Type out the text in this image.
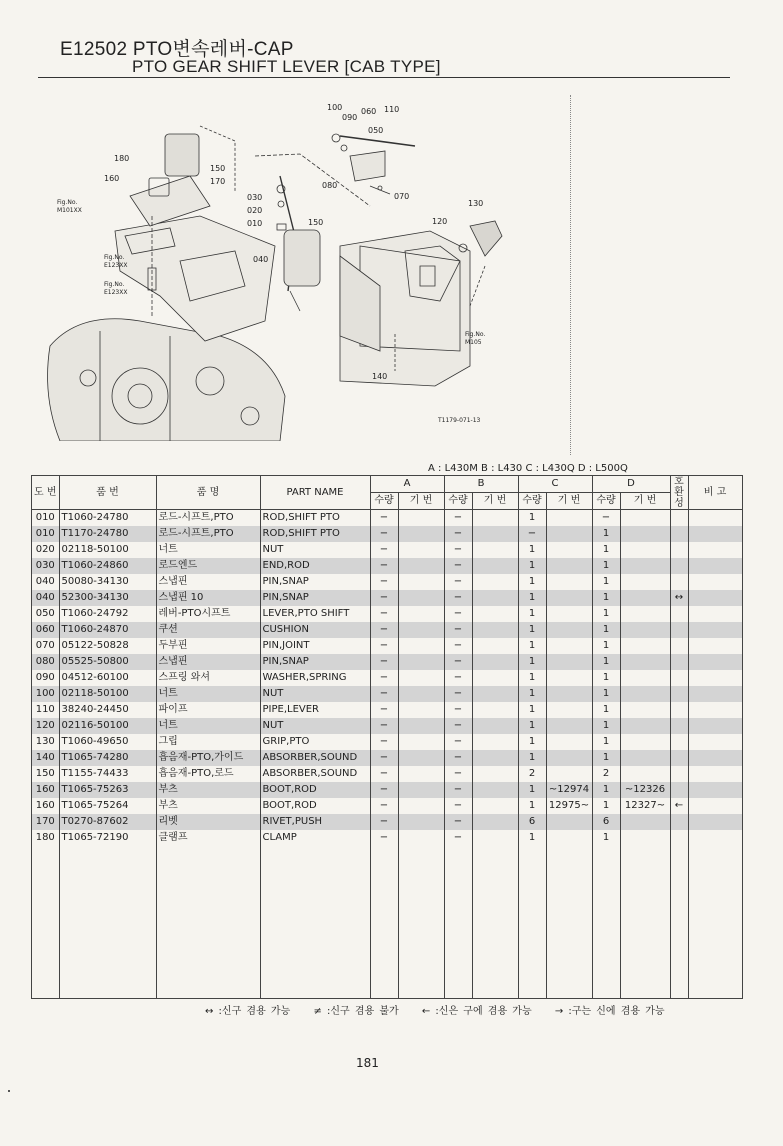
E12502 PTO변속레버-CAP
PTO GEAR SHIFT LEVER [CAB TYPE]
100
090
060 110
050
180
150
170
160
080
070
030
020
010	150
130
120
040
140
Fig.No.
M101XX
Fig.No.
E123XX
Fig.No.
E123XX
Fig.No.
M105
T1179-071-13
A : L430M B : L430 C : L430Q D : L500Q
도 번	품 번	품 명	PART NAME	A		B		C		D		호 환 성	비 고
				수량	기 번	수량	기 번	수량	기 번	수량	기 번		
010	T1060-24780	로드-시프트,PTO	ROD,SHIFT PTO	−		−		1		−			
010	T1170-24780	로드-시프트,PTO	ROD,SHIFT PTO	−		−		−		1			
020	02118-50100	너트	NUT	−		−		1		1			
030	T1060-24860	로드엔드	END,ROD	−		−		1		1			
040	50080-34130	스냅핀	PIN,SNAP	−		−		1		1			
040	52300-34130	스냅핀 10	PIN,SNAP	−		−		1		1		↔	
050	T1060-24792	레버-PTO시프트	LEVER,PTO SHIFT	−		−		1		1			
060	T1060-24870	쿠션	CUSHION	−		−		1		1			
070	05122-50828	두부핀	PIN,JOINT	−		−		1		1			
080	05525-50800	스냅핀	PIN,SNAP	−		−		1		1			
090	04512-60100	스프링 와셔	WASHER,SPRING	−		−		1		1			
100	02118-50100	너트	NUT	−		−		1		1			
110	38240-24450	파이프	PIPE,LEVER	−		−		1		1			
120	02116-50100	너트	NUT	−		−		1		1			
130	T1060-49650	그립	GRIP,PTO	−		−		1		1			
140	T1065-74280	흡음재-PTO,가이드	ABSORBER,SOUND	−		−		1		1			
150	T1155-74433	흡음재-PTO,로드	ABSORBER,SOUND	−		−		2		2			
160	T1065-75263	부츠	BOOT,ROD	−		−		1	~12974	1	~12326		
160	T1065-75264	부츠	BOOT,ROD	−		−		1	12975~	1	12327~	←	
170	T0270-87602	리벳	RIVET,PUSH	−		−		6		6			
180	T1065-72190	클램프	CLAMP	−		−		1		1			

↔ :신구 겸용 가능 ≠ :신구 겸용 불가 ← :신은 구에 겸용 가능 → :구는 신에 겸용 가능
181
